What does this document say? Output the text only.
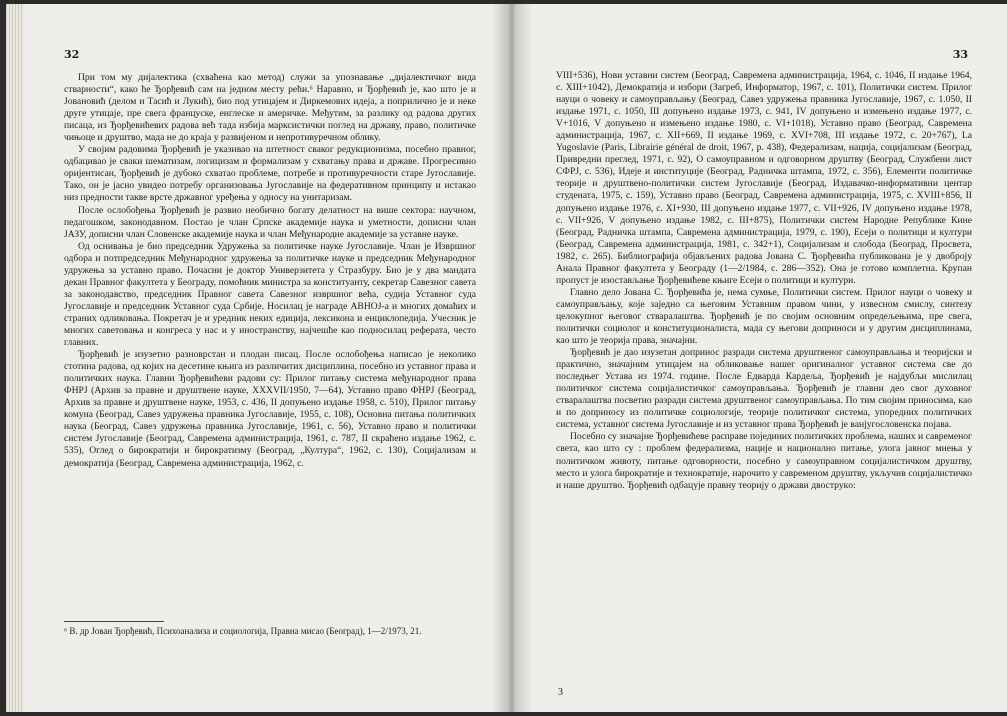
32

При том му дијалектика (схваћена као метод) служи за упознавање „дијалектичког вида стварности“, како ће Ђорђевић сам на једном месту рећи.⁶ Наравно, и Ђорђевић је, као што је и Јовановић (делом и Тасић и Лукић), био под утицајем и Диркемових идеја, а поприлично је и неке друге утицаје, пре свега француске, енглеске и америчке. Међутим, за разлику од радова других писаца, из Ђорђевићевих радова већ тада избија марксистички поглед на државу, право, политичке чињоце и друштво, мада не до краја у развијеном и непротивуречном облику.

У својим радовима Ђорђевић је указивао на штетност сваког редукционизма, посебно правног, одбацивао је сваки шематизам, логицизам и формализам у схватању права и државе. Прогресивно оријентисан, Ђорђевић је дубоко схватао проблеме, потребе и противуречности старе Југославије. Тако, он је јасно увидео потребу организовања Југославије на федеративном принципу и истакао низ предности такве врсте државног уређења у односу на унитаризам.

После ослобођења Ђорђевић је развио необично богату делатност на више сектора: научном, педагошком, законодавном. Постао је члан Српске академије наука и уметности, дописни члан ЈАЗУ, дописни члан Словенске академије наука и члан Међународне академије за уставне науке.

Од оснивања је био председник Удружења за политичке науке Југославије. Члан је Извршног одбора и потпредседник Међународног удружења за политичке науке и председник Међународног удружења за уставно право. Почасни је доктор Универзитета у Стразбуру. Био је у два мандата декан Правног факултета у Београду, помоћник министра за конституанту, секретар Савезног савета за законодавство, председник Правног савета Савезног извршног већа, судија Уставног суда Југославије и председник Уставног суда Србије. Носилац је награде АВНОЈ-а и многих домаћих и страних одликовања. Покретач је и уредник неких едиција, лексикона и енциклопедија. Учесник је многих саветовања и конгреса у нас и у иностранству, најчешће као подносилац реферата, често главних.

Ђорђевић је изузетно разноврстан и плодан писац. После ослобођења написао је неколико стотина радова, од којих на десетине књига из различитих дисциплина, посебно из уставног права и политичких наука. Главни Ђорђевићеви радови су: Прилог питању система међународног права ФНРЈ (Архив за правне и друштвене науке, XXXVII/1950, 7—64), Уставно право ФНРЈ (Београд, Архив за правне и друштвене науке, 1953, с. 436, II допуњено издање 1958, с. 510), Прилог питању комуна (Београд, Савез удружења правника Југославије, 1955, с. 108), Основна питања политичких наука (Београд, Савез удружења правника Југославије, 1961, с. 56), Уставно право и политички систем Југославије (Београд, Савремена администрација, 1961, с. 787, II скраћено издање 1962, с. 535), Оглед о бирократији и бирократизму (Београд, „Култура“, 1962, с. 130), Социјализам и демократија (Београд, Савремена администрација, 1962, с.

⁶ В. др Јован Ђорђевић, Психоанализа и социологија, Правна мисао (Београд), 1—2/1973, 21.
33

VIII+536), Нови уставни систем (Београд, Савремена администрација, 1964, с. 1046, II издање 1964, с. XIII+1042), Демократија и избори (Загреб, Информатор, 1967, с. 101), Политички систем. Прилог науци о човеку и самоуправљању (Београд, Савез удружења правника Југославије, 1967, с. 1.050, II издање 1971, с. 1050, III допуњено издање 1973, с. 941, IV допуњено и измењено издање 1977, с. V+1016, V допуњено и измењено издање 1980, с. VI+1018), Уставно право (Београд, Савремена администрација, 1967, с. XII+669, II издање 1969, с. XVI+708, III издање 1972, с. 20+767), La Yugoslavie (Paris, Librairie général de droit, 1967, р. 438), Федерализам, нација, социјализам (Београд, Привредни преглед, 1971, с. 92), О самоуправном и одговорном друштву (Београд, Службени лист СФРЈ, с. 536), Идеје и институције (Београд, Радничка штампа, 1972, с. 356), Елементи политичке теорије и друштвено-политички систем Југославије (Београд, Издавачко-информативни центар студената, 1975, с. 159), Уставно право (Београд, Савремена администрација, 1975, с. XVIII+856, II допуњено издање 1976, с. XI+930, III допуњено издање 1977, с. VII+926, IV допуњено издање 1978, с. VII+926, V допуњено издање 1982, с. III+875), Политички систем Народне Републике Кине (Београд, Радничка штампа, Савремена администрација, 1979, с. 190), Есеји о политици и култури (Београд, Савремена администрација, 1981, с. 342+1), Социјализам и слобода (Београд, Просвета, 1982, с. 265). Библиографија објављених радова Јована С. Ђорђевића публикована је у двоброју Анала Правног факултета у Београду (1—2/1984, с. 286—352). Она је готово комплетна. Крупан пропуст је изостављање Ђорђевићеве књиге Есеји о политици и култури.

Главно дело Јована С. Ђорђевића је, нема сумње, Политички систем. Прилог науци о човеку и самоуправљању, које заједно са његовим Уставним правом чини, у извесном смислу, синтезу целокупног његовог стваралаштва. Ђорђевић је по својим основним опредељењима, пре свега, политички социолог и конституционалиста, мада су његови доприноси и у другим дисциплинама, као што је теорија права, значајни.

Ђорђевић је дао изузетан допринос разради система друштвеног самоуправљања и теоријски и практично, значајним утицајем на обликовање нашег оригиналног уставног система све до последњег Устава из 1974. године. После Едварда Кардеља, Ђорђевић је најдубљи мислилац политичког система социјалистичког самоуправљања. Ђорђевић је главни део свог духовног стваралаштва посветио разради система друштвеног самоуправљања. По тим својим приносима, као и по доприносу из политичке социологије, теорије политичког система, упоредних политичких система, уставног система Југославије и из уставног права Ђорђевић је ванјугословенска појава.

Посебно су значајне Ђорђевићеве расправе појединих политичких проблема, наших и савременог света, као што су : проблем федерализма, нације и национално питање, улога јавног мнења у политичком животу, питање одговорности, посебно у самоуправном социјалистичком друштву, место и улога бирократије и технократије, нарочито у савременом друштву, укључив социјалистичко и наше друштво. Ђорђевић одбацује правну теорију о држави двострукo:

3
